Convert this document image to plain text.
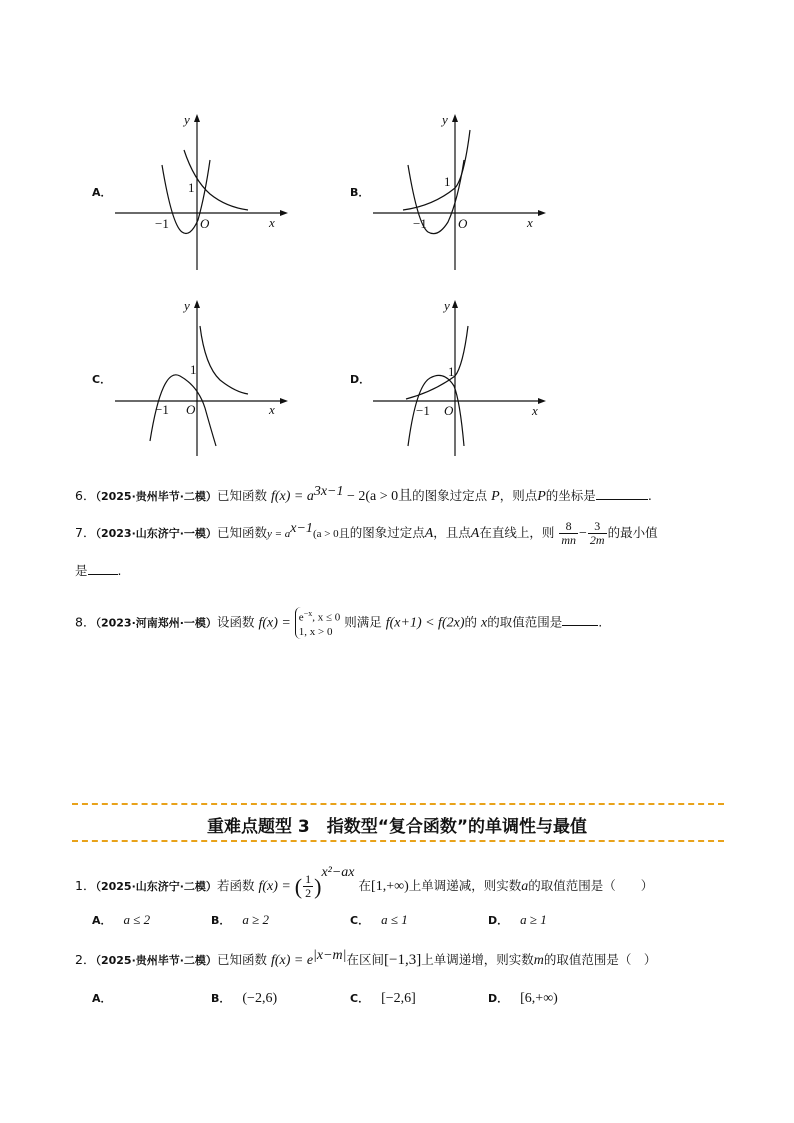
A．
−1
1
O	x
y
B．
−1
1
O	x
y
C．
−1
1
O	x
y
D．
−1
1
O	x
y
6．（2025·贵州毕节·二模）已知函数 $f(x) = a^{3x-1} - 2(a > 0$且的图象过定点 P，则点P的坐标是	.
7．（2023·山东济宁·一模）已知函数$y = a^{x-1}(a > 0$且的图象过定点A，且点A在直线上，则 $\frac{8}{mn} - \frac{3}{2m}$ 的最小值
是 .
8．（2023·河南郑州·一模）设函数 $f(x) = e^{-x}$, x ≤ 0
1, x > 0
则满足 f(x+1) < f(2x)的 x的取值范围是	.
重难点题型 3　指数型“复合函数”的单调性与最值
1．（2025·山东济宁·二模）若函数 f(x) = ( $\frac{1}{2} )^{x^2-ax}$ 在[1,+∞)上单调递减，则实数a的取值范围是（　　）
A． a ≤ 2	B． a ≥ 2	C． a ≤ 1	D． a ≥ 1
2．（2025·贵州毕节·二模）已知函数 $f(x) = e^{|x-m|}$在区间[−1,3]上单调递增，则实数m的取值范围是（　）
A．	B． (−2,6)	C． [−2,6]	D． [6,+∞)
